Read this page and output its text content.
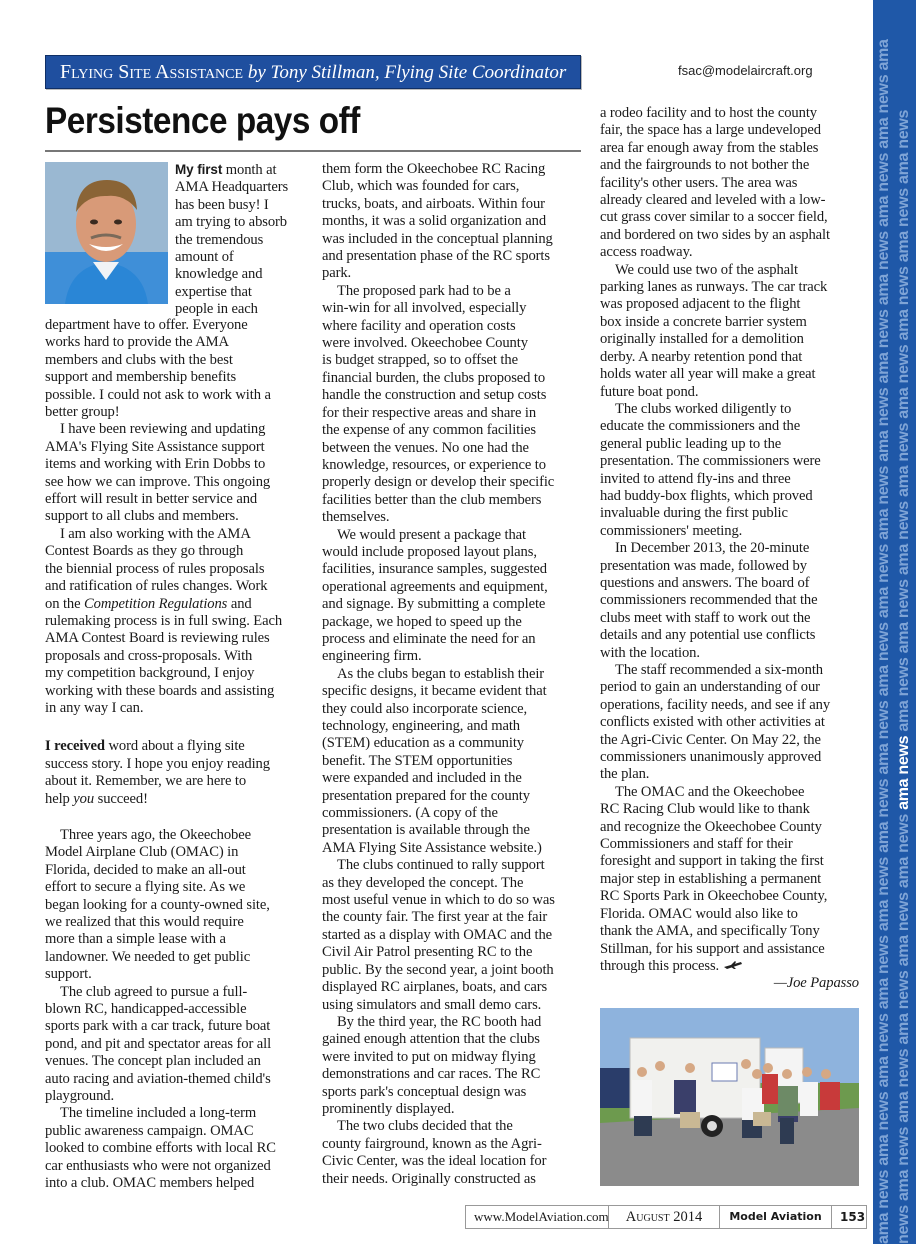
Flying Site Assistance by Tony Stillman, Flying Site Coordinator	fsac@modelaircraft.org
Persistence pays off

My first month at
AMA Headquarters
has been busy! I
am trying to absorb
the tremendous
amount of
knowledge and
expertise that
people in each

department have to offer. Everyone
works hard to provide the AMA
members and clubs with the best
support and membership benefits
possible. I could not ask to work with a
better group!

I have been reviewing and updating
AMA's Flying Site Assistance support
items and working with Erin Dobbs to
see how we can improve. This ongoing
effort will result in better service and
support to all clubs and members.

I am also working with the AMA
Contest Boards as they go through
the biennial process of rules proposals
and ratification of rules changes. Work
on the Competition Regulations and
rulemaking process is in full swing. Each
AMA Contest Board is reviewing rules
proposals and cross-proposals. With
my competition background, I enjoy
working with these boards and assisting
in any way I can.

I received word about a flying site
success story. I hope you enjoy reading
about it. Remember, we are here to
help you succeed!

Three years ago, the Okeechobee
Model Airplane Club (OMAC) in
Florida, decided to make an all-out
effort to secure a flying site. As we
began looking for a county-owned site,
we realized that this would require
more than a simple lease with a
landowner. We needed to get public
support.

The club agreed to pursue a full-
blown RC, handicapped-accessible
sports park with a car track, future boat
pond, and pit and spectator areas for all
venues. The concept plan included an
auto racing and aviation-themed child's
playground.

The timeline included a long-term
public awareness campaign. OMAC
looked to combine efforts with local RC
car enthusiasts who were not organized
into a club. OMAC members helped

them form the Okeechobee RC Racing
Club, which was founded for cars,
trucks, boats, and airboats. Within four
months, it was a solid organization and
was included in the conceptual planning
and presentation phase of the RC sports
park.

The proposed park had to be a
win-win for all involved, especially
where facility and operation costs
were involved. Okeechobee County
is budget strapped, so to offset the
financial burden, the clubs proposed to
handle the construction and setup costs
for their respective areas and share in
the expense of any common facilities
between the venues. No one had the
knowledge, resources, or experience to
properly design or develop their specific
facilities better than the club members
themselves.

We would present a package that
would include proposed layout plans,
facilities, insurance samples, suggested
operational agreements and equipment,
and signage. By submitting a complete
package, we hoped to speed up the
process and eliminate the need for an
engineering firm.

As the clubs began to establish their
specific designs, it became evident that
they could also incorporate science,
technology, engineering, and math
(STEM) education as a community
benefit. The STEM opportunities
were expanded and included in the
presentation prepared for the county
commissioners. (A copy of the
presentation is available through the
AMA Flying Site Assistance website.)

The clubs continued to rally support
as they developed the concept. The
most useful venue in which to do so was
the county fair. The first year at the fair
started as a display with OMAC and the
Civil Air Patrol presenting RC to the
public. By the second year, a joint booth
displayed RC airplanes, boats, and cars
using simulators and small demo cars.

By the third year, the RC booth had
gained enough attention that the clubs
were invited to put on midway flying
demonstrations and car races. The RC
sports park's conceptual design was
prominently displayed.

The two clubs decided that the
county fairground, known as the Agri-
Civic Center, was the ideal location for
their needs. Originally constructed as

a rodeo facility and to host the county
fair, the space has a large undeveloped
area far enough away from the stables
and the fairgrounds to not bother the
facility's other users. The area was
already cleared and leveled with a low-
cut grass cover similar to a soccer field,
and bordered on two sides by an asphalt
access roadway.

We could use two of the asphalt
parking lanes as runways. The car track
was proposed adjacent to the flight
box inside a concrete barrier system
originally installed for a demolition
derby. A nearby retention pond that
holds water all year will make a great
future boat pond.

The clubs worked diligently to
educate the commissioners and the
general public leading up to the
presentation. The commissioners were
invited to attend fly-ins and three
had buddy-box flights, which proved
invaluable during the first public
commissioners' meeting.

In December 2013, the 20-minute
presentation was made, followed by
questions and answers. The board of
commissioners recommended that the
clubs meet with staff to work out the
details and any potential use conflicts
with the location.

The staff recommended a six-month
period to gain an understanding of our
operations, facility needs, and see if any
conflicts existed with other activities at
the Agri-Civic Center. On May 22, the
commissioners unanimously approved
the plan.

The OMAC and the Okeechobee
RC Racing Club would like to thank
and recognize the Okeechobee County
Commissioners and staff for their
foresight and support in taking the first
major step in establishing a permanent
RC Sports Park in Okeechobee County,
Florida. OMAC would also like to
thank the AMA, and specifically Tony
Stillman, for his support and assistance
through this process.

—Joe Papasso ama news ama news ama news ama news ama news ama news ama news ama news ama news ama news ama news ama news ama news ama news ama news ama news ama news ama news ama news ama news ama news ama news ama news ama news ama news ama news ama news ama news ama news ama news
www.ModelAviation.com	August 2014	Model Aviation	153
